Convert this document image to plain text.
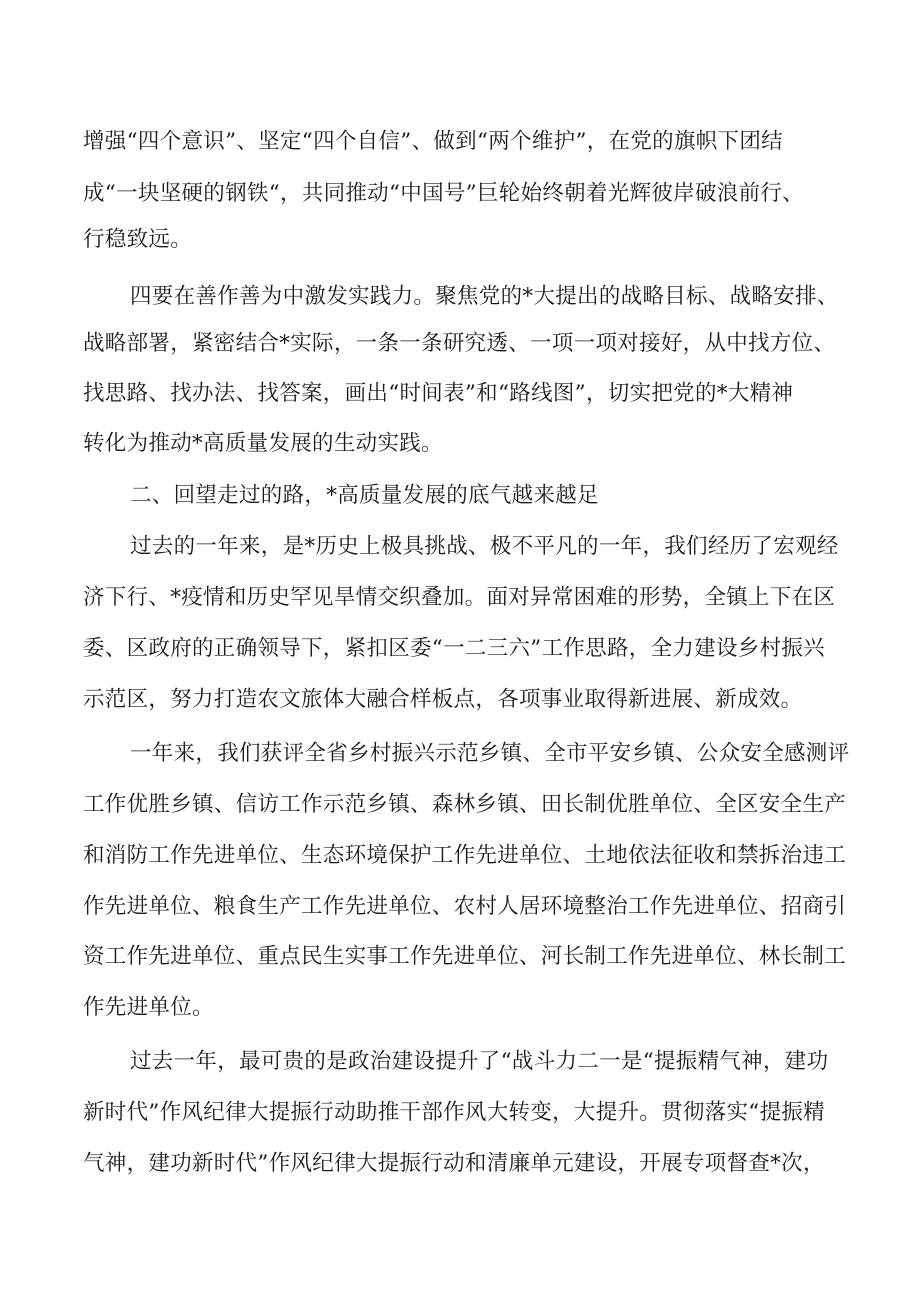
增强“四个意识”、坚定“四个自信”、做到“两个维护”，在党的旗帜下团结

成“一块坚硬的钢铁“，共同推动“中国号”巨轮始终朝着光辉彼岸破浪前行、

行稳致远。

四要在善作善为中激发实践力。聚焦党的*大提出的战略目标、战略安排、

战略部署，紧密结合*实际，一条一条研究透、一项一项对接好，从中找方位、

找思路、找办法、找答案，画出“时间表”和“路线图”，切实把党的*大精神

转化为推动*高质量发展的生动实践。

二、回望走过的路，*高质量发展的底气越来越足

过去的一年来，是*历史上极具挑战、极不平凡的一年，我们经历了宏观经

济下行、*疫情和历史罕见旱情交织叠加。面对异常困难的形势，全镇上下在区

委、区政府的正确领导下，紧扣区委“一二三六”工作思路，全力建设乡村振兴

示范区，努力打造农文旅体大融合样板点，各项事业取得新进展、新成效。

一年来，我们获评全省乡村振兴示范乡镇、全市平安乡镇、公众安全感测评

工作优胜乡镇、信访工作示范乡镇、森林乡镇、田长制优胜单位、全区安全生产

和消防工作先进单位、生态环境保护工作先进单位、土地依法征收和禁拆治违工

作先进单位、粮食生产工作先进单位、农村人居环境整治工作先进单位、招商引

资工作先进单位、重点民生实事工作先进单位、河长制工作先进单位、林长制工

作先进单位。

过去一年，最可贵的是政治建设提升了“战斗力二一是“提振精气神，建功

新时代”作风纪律大提振行动助推干部作风大转变，大提升。贯彻落实“提振精

气神，建功新时代”作风纪律大提振行动和清廉单元建设，开展专项督查*次，
